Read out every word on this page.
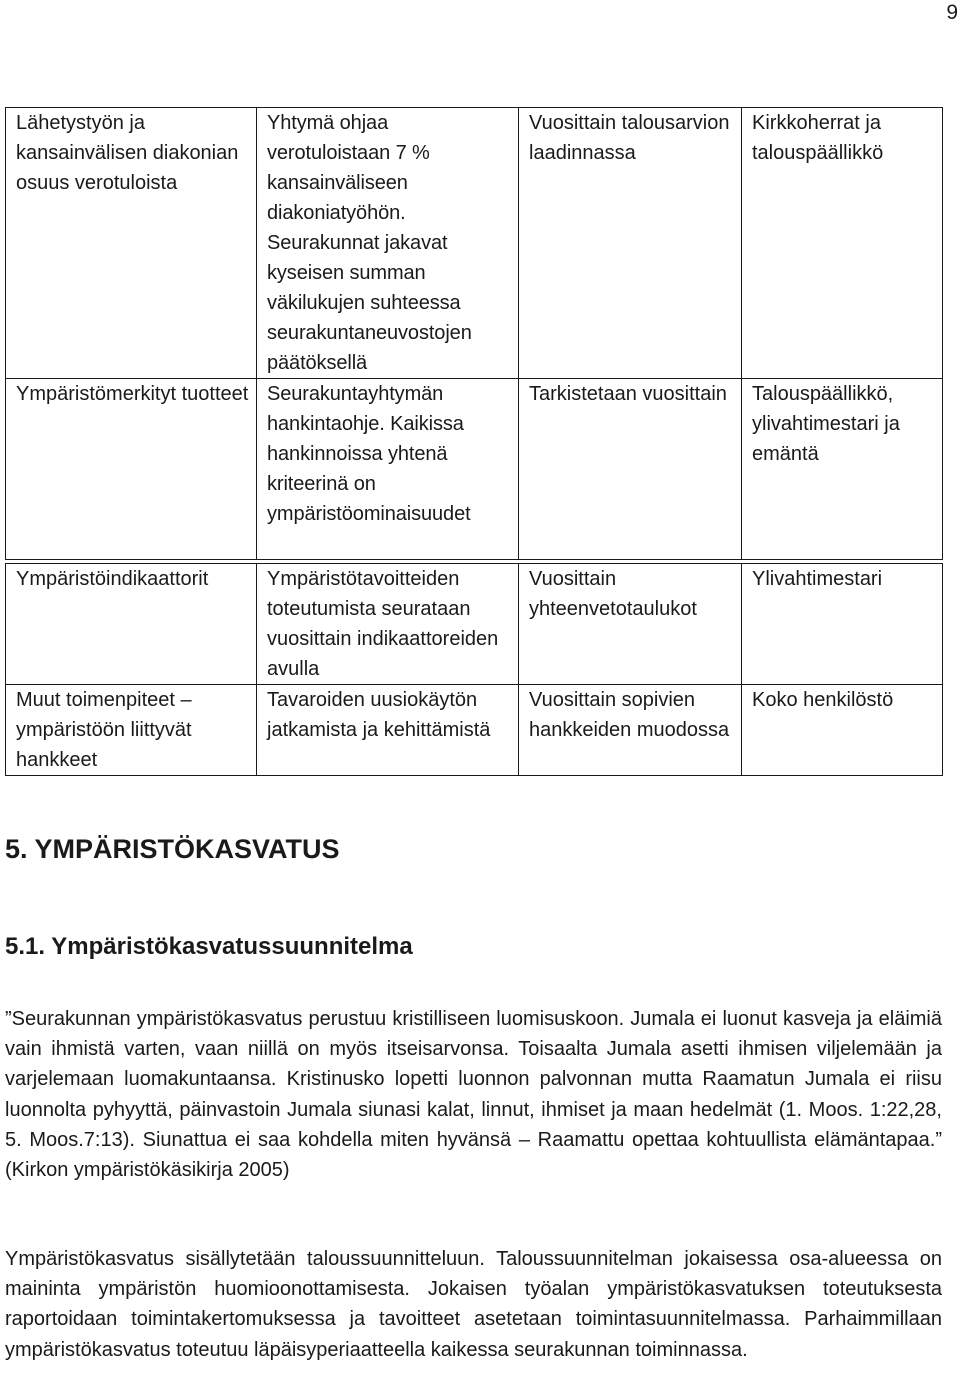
9
Lähetystyön ja kansainvälisen diakonian osuus verotuloista	Yhtymä ohjaa verotuloistaan 7 % kansainväliseen diakoniatyöhön. Seurakunnat jakavat kyseisen summan väkilukujen suhteessa seurakuntaneuvostojen päätöksellä	Vuosittain talousarvion laadinnassa	Kirkkoherrat ja talouspäällikkö
Ympäristömerkityt tuotteet	Seurakuntayhtymän hankintaohje. Kaikissa hankinnoissa yhtenä kriteerinä on ympäristöominaisuudet	Tarkistetaan vuosittain	Talouspäällikkö, ylivahtimestari ja emäntä
Ympäristöindikaattorit	Ympäristötavoitteiden toteutumista seurataan vuosittain indikaattoreiden avulla	Vuosittain yhteenvetotaulukot	Ylivahtimestari
Muut toimenpiteet – ympäristöön liittyvät hankkeet	Tavaroiden uusiokäytön jatkamista ja kehittämistä	Vuosittain sopivien hankkeiden muodossa	Koko henkilöstö
5. YMPÄRISTÖKASVATUS
5.1. Ympäristökasvatussuunnitelma

”Seurakunnan ympäristökasvatus perustuu kristilliseen luomisuskoon. Jumala ei luonut kasveja ja eläimiä vain ihmistä varten, vaan niillä on myös itseisarvonsa. Toisaalta Jumala asetti ihmisen viljelemään ja varjelemaan luomakuntaansa. Kristinusko lopetti luonnon palvonnan mutta Raamatun Jumala ei riisu luonnolta pyhyyttä, päinvastoin Jumala siunasi kalat, linnut, ihmiset ja maan hedelmät (1. Moos. 1:22,28, 5. Moos.7:13). Siunattua ei saa kohdella miten hyvänsä – Raamattu opettaa kohtuullista elämäntapaa.” (Kirkon ympäristökäsikirja 2005)

Ympäristökasvatus sisällytetään taloussuunnitteluun. Taloussuunnitelman jokaisessa osa-alueessa on maininta ympäristön huomioonottamisesta. Jokaisen työalan ympäristökasvatuksen toteutuksesta raportoidaan toimintakertomuksessa ja tavoitteet asetetaan toimintasuunnitelmassa. Parhaimmillaan ympäristökasvatus toteutuu läpäisyperiaatteella kaikessa seurakunnan toiminnassa.
